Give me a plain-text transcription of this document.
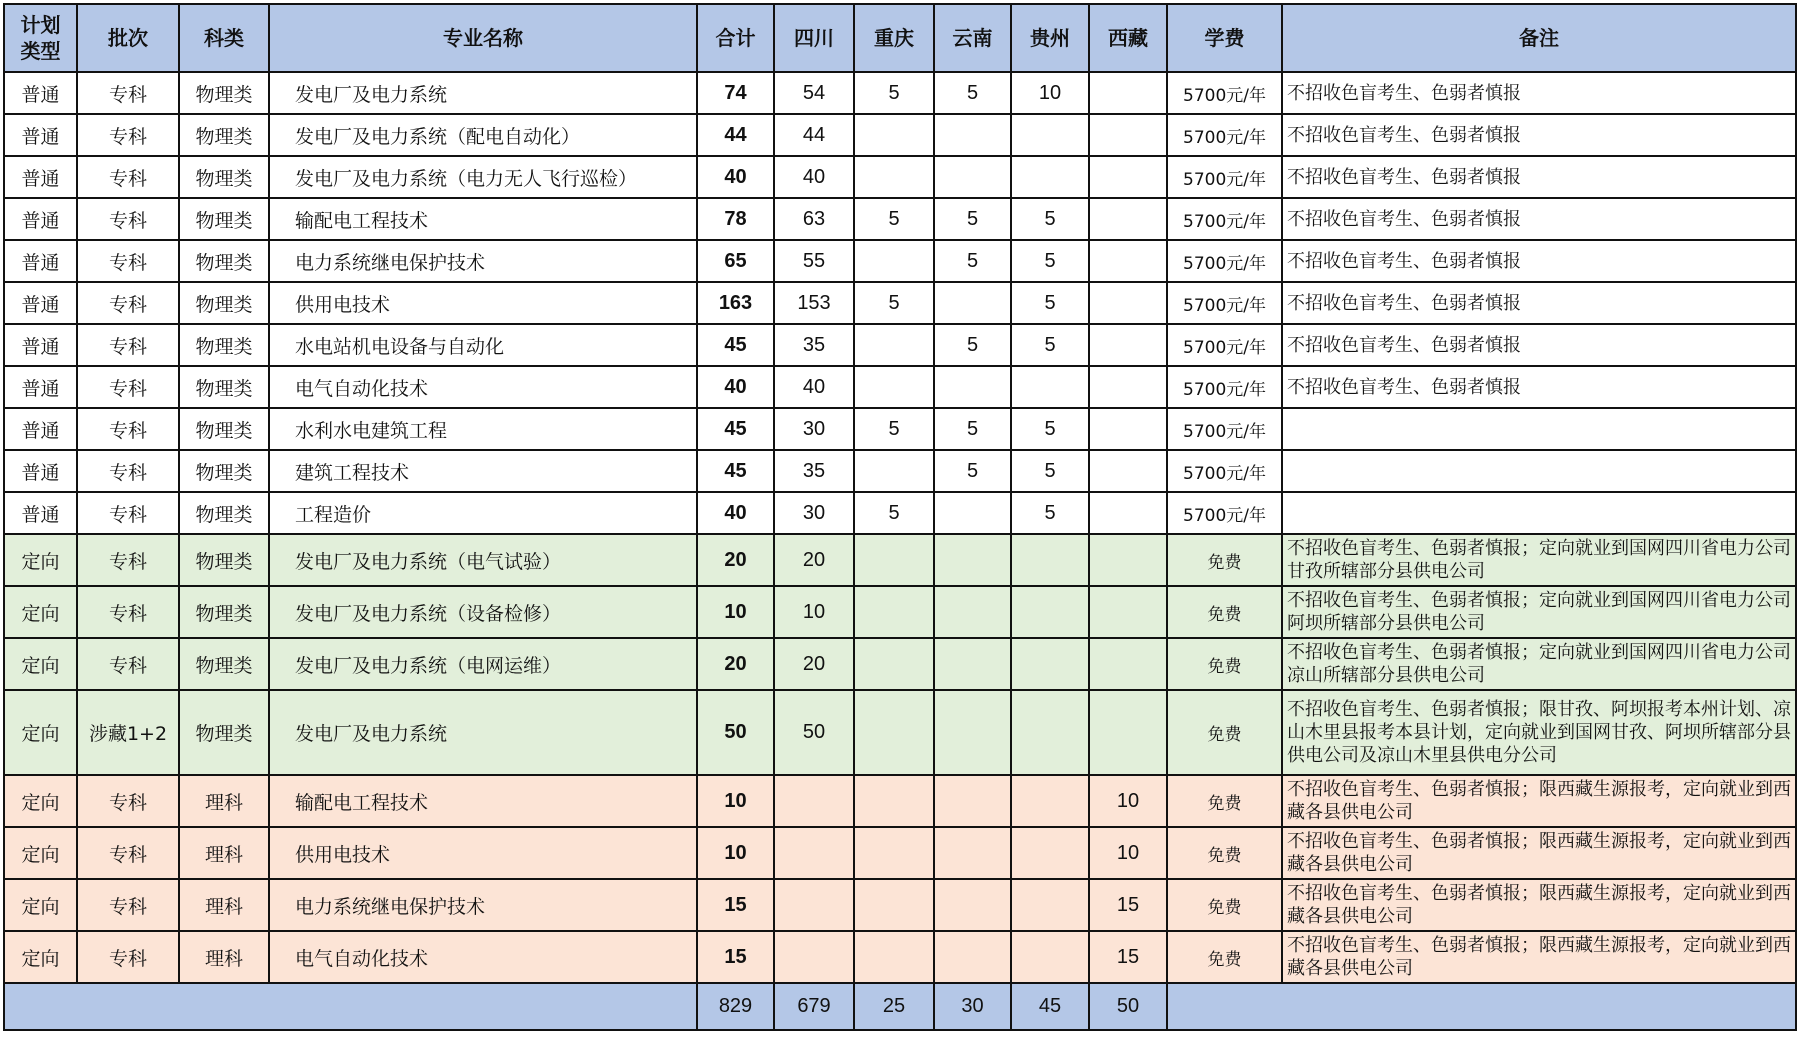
计划
类型	批次	科类	专业名称	合计	四川	重庆	云南	贵州	西藏	学费	备注
普通	专科	物理类	发电厂及电力系统	74	54	5	5	10		5700元/年	不招收色盲考生、色弱者慎报
普通	专科	物理类	发电厂及电力系统（配电自动化）	44	44					5700元/年	不招收色盲考生、色弱者慎报
普通	专科	物理类	发电厂及电力系统（电力无人飞行巡检）	40	40					5700元/年	不招收色盲考生、色弱者慎报
普通	专科	物理类	输配电工程技术	78	63	5	5	5		5700元/年	不招收色盲考生、色弱者慎报
普通	专科	物理类	电力系统继电保护技术	65	55		5	5		5700元/年	不招收色盲考生、色弱者慎报
普通	专科	物理类	供用电技术	163	153	5		5		5700元/年	不招收色盲考生、色弱者慎报
普通	专科	物理类	水电站机电设备与自动化	45	35		5	5		5700元/年	不招收色盲考生、色弱者慎报
普通	专科	物理类	电气自动化技术	40	40					5700元/年	不招收色盲考生、色弱者慎报
普通	专科	物理类	水利水电建筑工程	45	30	5	5	5		5700元/年	
普通	专科	物理类	建筑工程技术	45	35		5	5		5700元/年	
普通	专科	物理类	工程造价	40	30	5		5		5700元/年	
定向	专科	物理类	发电厂及电力系统（电气试验）	20	20					免费	不招收色盲考生、色弱者慎报；定向就业到国网四川省电力公司甘孜所辖部分县供电公司
定向	专科	物理类	发电厂及电力系统（设备检修）	10	10					免费	不招收色盲考生、色弱者慎报；定向就业到国网四川省电力公司阿坝所辖部分县供电公司
定向	专科	物理类	发电厂及电力系统（电网运维）	20	20					免费	不招收色盲考生、色弱者慎报；定向就业到国网四川省电力公司凉山所辖部分县供电公司
定向	涉藏1+2	物理类	发电厂及电力系统	50	50					免费	不招收色盲考生、色弱者慎报；限甘孜、阿坝报考本州计划、凉山木里县报考本县计划，定向就业到国网甘孜、阿坝所辖部分县供电公司及凉山木里县供电分公司
定向	专科	理科	输配电工程技术	10					10	免费	不招收色盲考生、色弱者慎报；限西藏生源报考，定向就业到西藏各县供电公司
定向	专科	理科	供用电技术	10					10	免费	不招收色盲考生、色弱者慎报；限西藏生源报考，定向就业到西藏各县供电公司
定向	专科	理科	电力系统继电保护技术	15					15	免费	不招收色盲考生、色弱者慎报；限西藏生源报考，定向就业到西藏各县供电公司
定向	专科	理科	电气自动化技术	15					15	免费	不招收色盲考生、色弱者慎报；限西藏生源报考，定向就业到西藏各县供电公司
				829	679	25	30	45	50		
